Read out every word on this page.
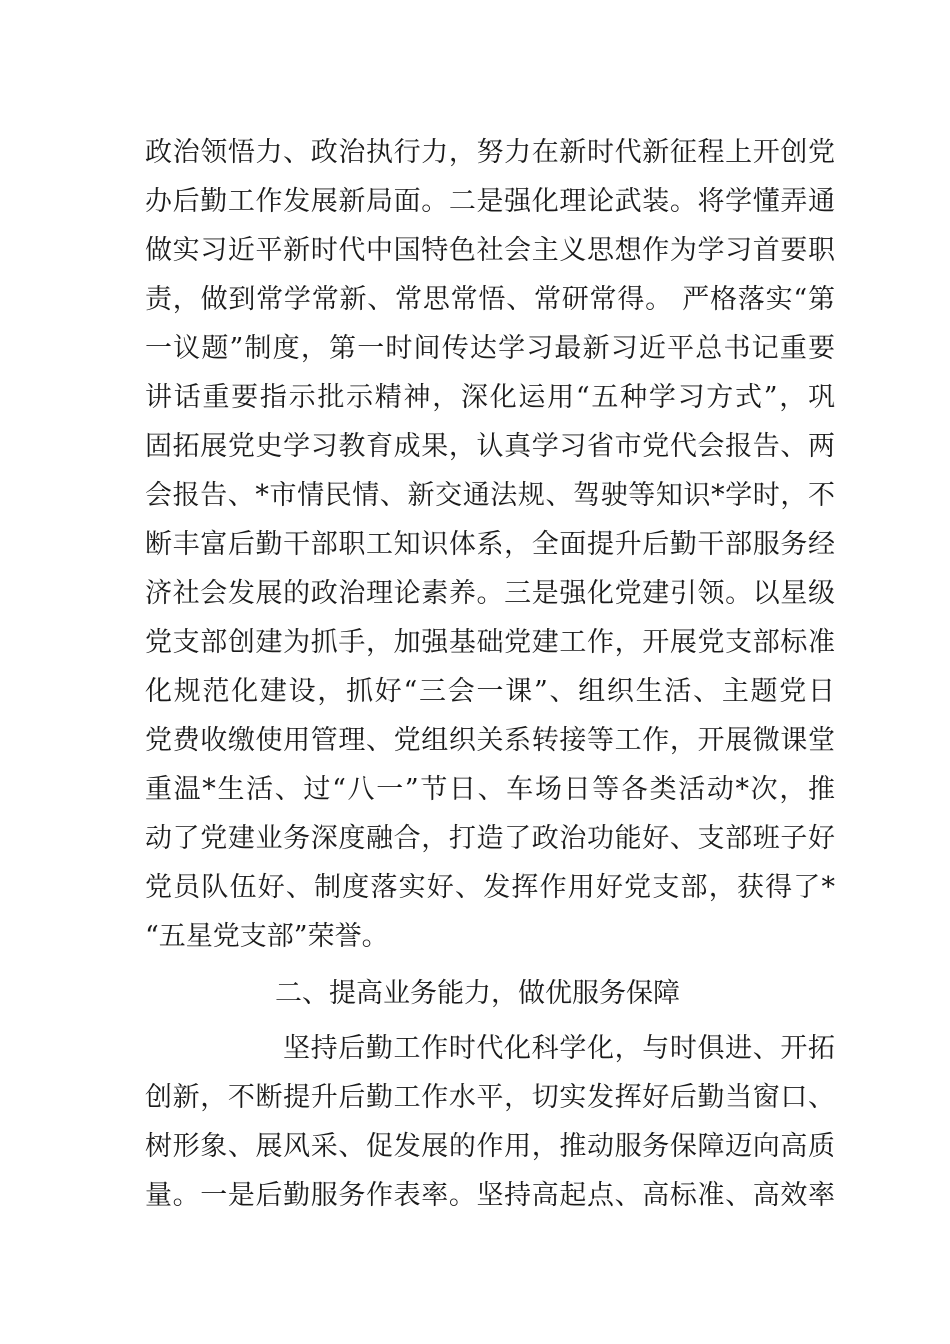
政治领悟力、政治执行力，努力在新时代新征程上开创党
办后勤工作发展新局面。二是强化理论武装。将学懂弄通
做实习近平新时代中国特色社会主义思想作为学习首要职
责，做到常学常新、常思常悟、常研常得。 严格落实“第
一议题”制度，第一时间传达学习最新习近平总书记重要
讲话重要指示批示精神，深化运用“五种学习方式”，巩
固拓展党史学习教育成果，认真学习省市党代会报告、两
会报告、*市情民情、新交通法规、驾驶等知识*学时，不
断丰富后勤干部职工知识体系，全面提升后勤干部服务经
济社会发展的政治理论素养。三是强化党建引领。以星级
党支部创建为抓手，加强基础党建工作，开展党支部标准
化规范化建设，抓好“三会一课”、组织生活、主题党日
党费收缴使用管理、党组织关系转接等工作，开展微课堂
重温*生活、过“八一”节日、车场日等各类活动*次，推
动了党建业务深度融合，打造了政治功能好、支部班子好
党员队伍好、制度落实好、发挥作用好党支部，获得了*
“五星党支部”荣誉。
二、提高业务能力，做优服务保障
坚持后勤工作时代化科学化，与时俱进、开拓
创新，不断提升后勤工作水平，切实发挥好后勤当窗口、
树形象、展风采、促发展的作用，推动服务保障迈向高质
量。一是后勤服务作表率。坚持高起点、高标准、高效率
